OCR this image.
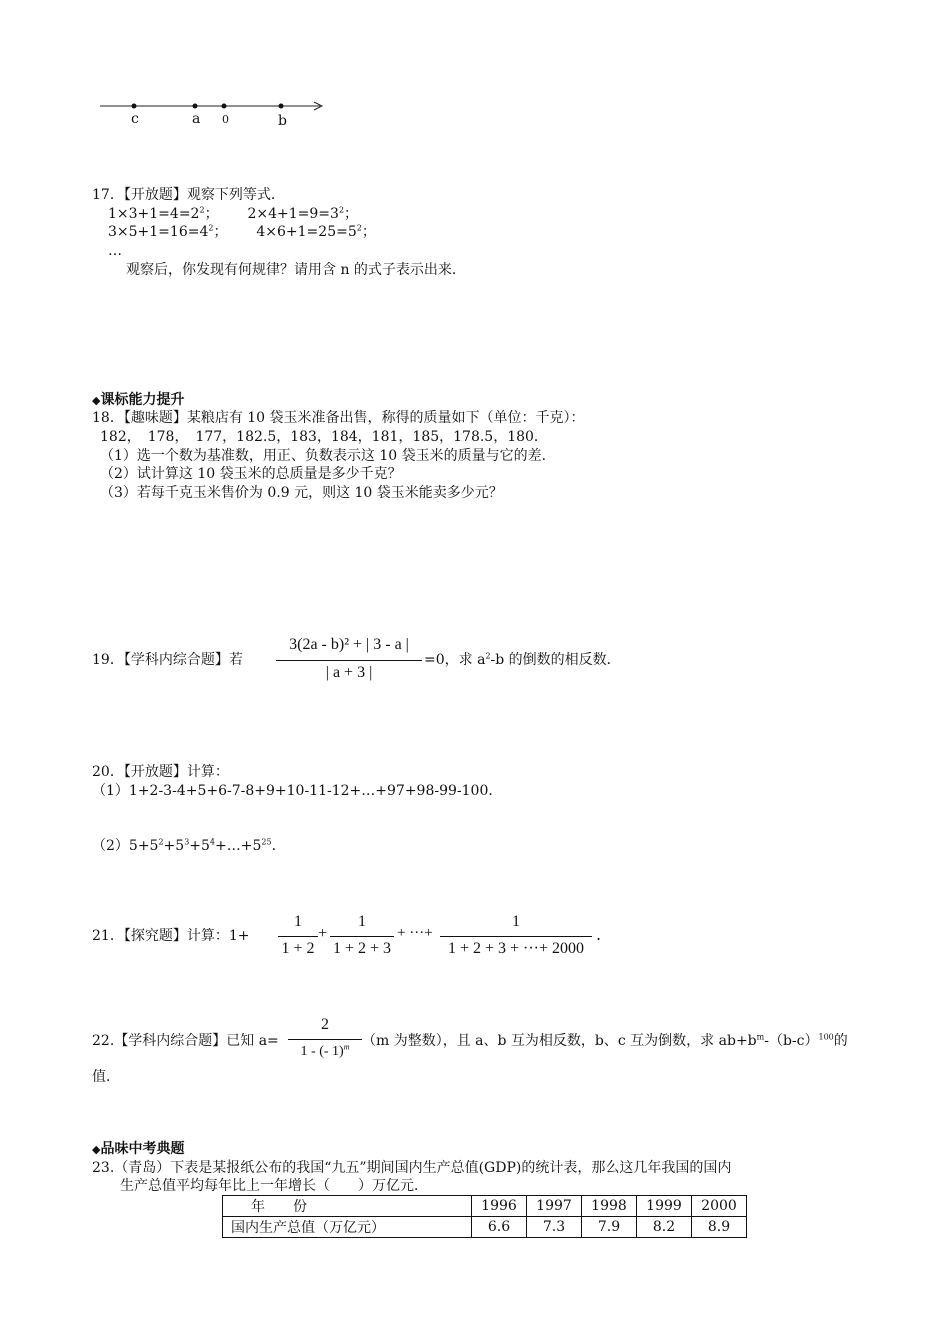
c	a 0	b
17．【开放题】观察下列等式．
$1\times 3+1=4=2^2$； $2\times 4+1=9=3^2$；
$3\times 5+1=16=4^2$； $4\times 6+1=25=5^2$；
…
观察后，你发现有何规律？请用含 n 的式子表示出来．
◆课标能力提升
18．【趣味题】某粮店有 10 袋玉米准备出售，称得的质量如下（单位：千克）：
182，　178，　177，182.5，183，184，181，185，178.5，180．
（1）选一个数为基准数，用正、负数表示这 10 袋玉米的质量与它的差．
（2）试计算这 10 袋玉米的总质量是多少千克？
（3）若每千克玉米售价为 0.9 元，则这 10 袋玉米能卖多少元？
19．【学科内综合题】若
3(2a - b)² + | 3 - a |
| a + 3 |
=0，求 $a^2-b$ 的倒数的相反数．
20．【开放题】计算：
（1）1+2-3-4+5+6-7-8+9+10-11-12+…+97+98-99-100．
$(2)5+5^2+5^3+5^4+\dots+5^{25}$．
21．【探究题】计算：1+
1
1 + 2
+
1
1 + 2 + 3
+ ···+
1
1 + 2 + 3 + ···+ 2000
.
22.【学科内综合题】已知 a=
2
1 - (- 1)$^m$ （m 为整数），且 a、b 互为相反数，b、c 互为倒数，求 $ab+b^m-(b-c)^{100}$的
值．
◆品味中考典题
23.（青岛）下表是某报纸公布的我国“九五”期间国内生产总值(GDP)的统计表，那么这几年我国的国内
生产总值平均每年比上一年增长（　　）万亿元．
年　　份	1996	1997	1998	1999	2000
国内生产总值（万亿元）	6.6	7.3	7.9	8.2	8.9
